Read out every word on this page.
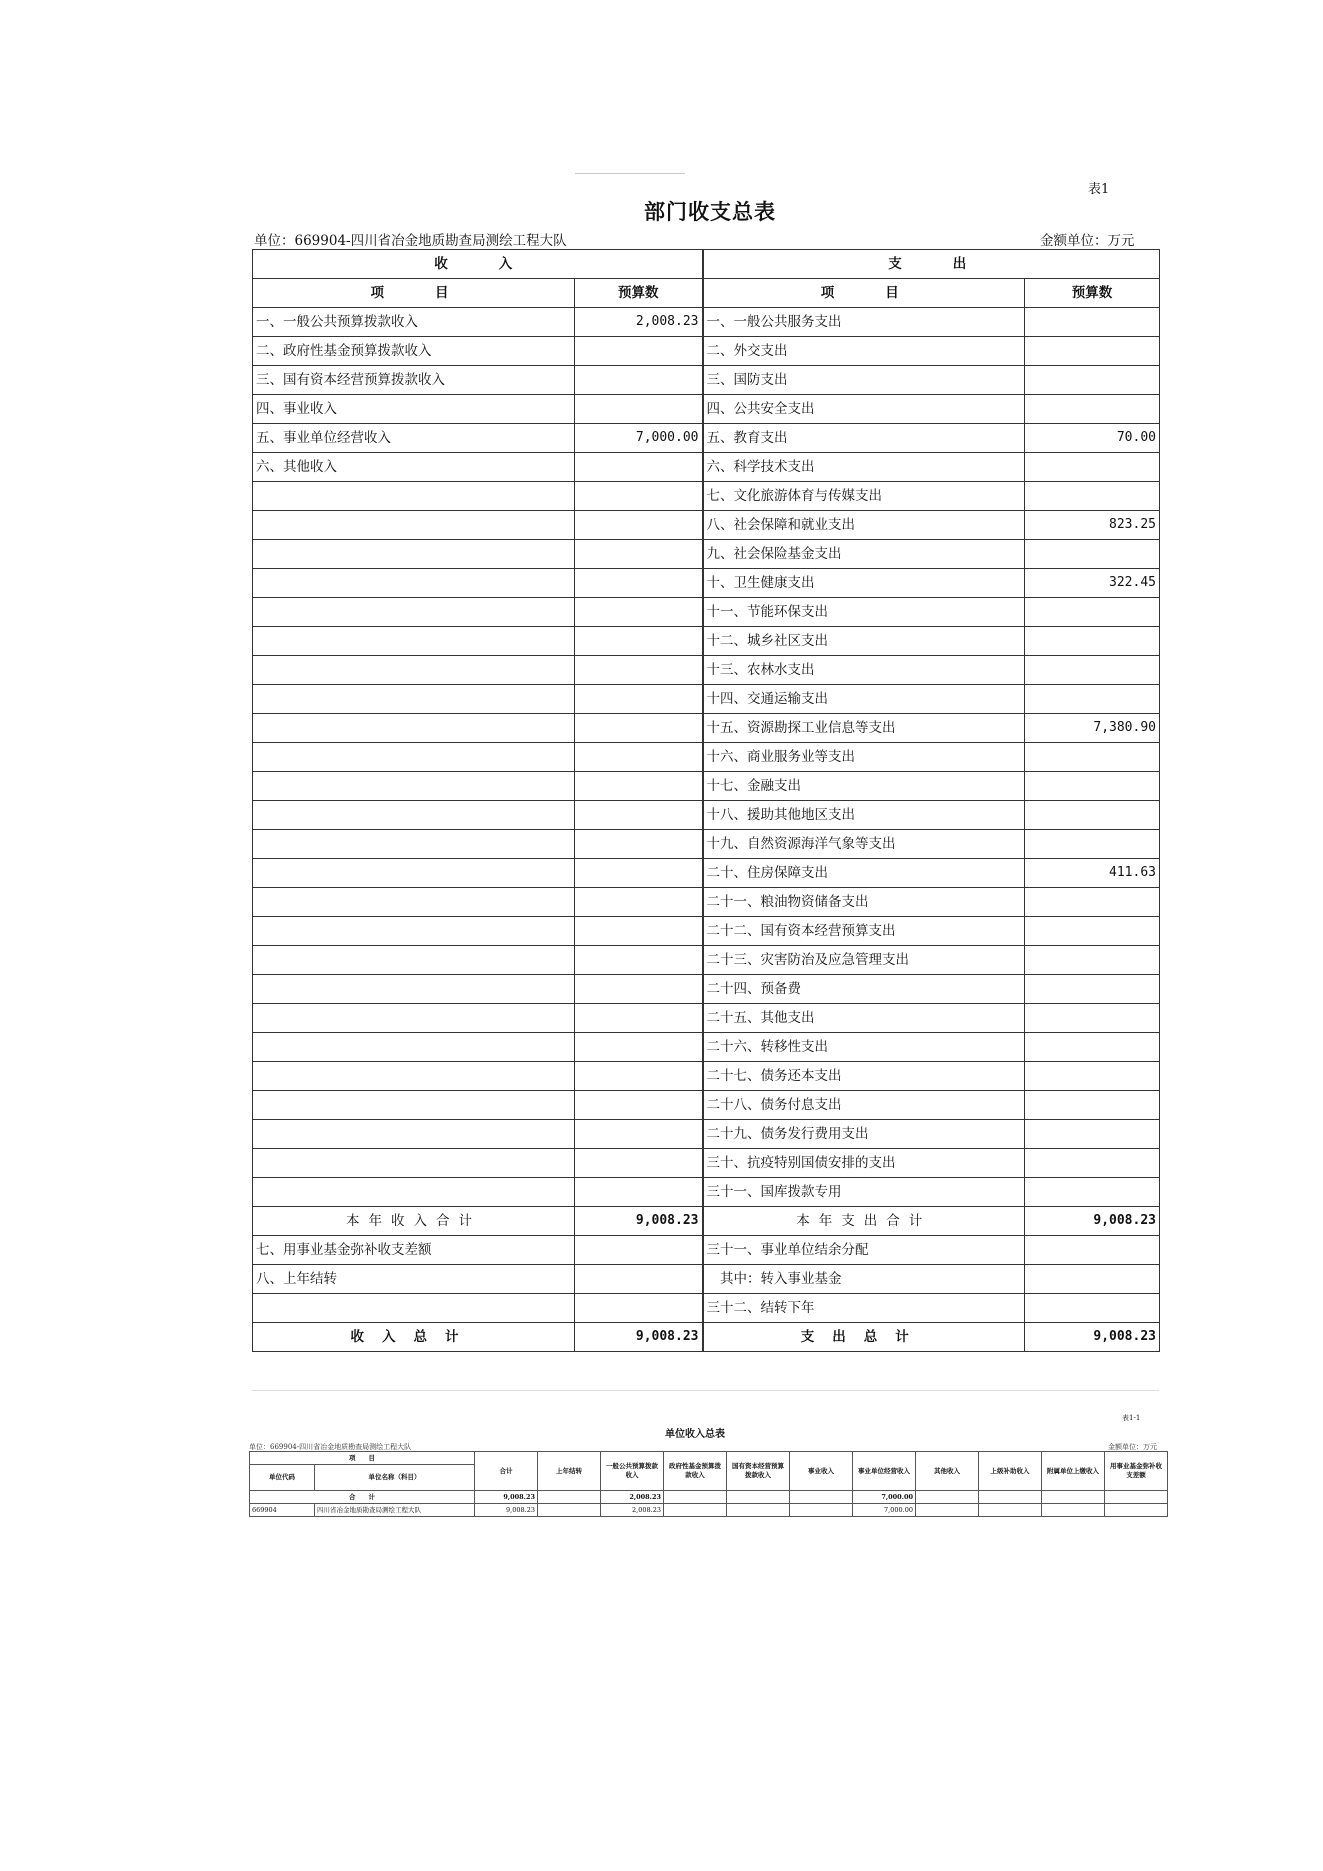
表1
部门收支总表
单位：669904-四川省冶金地质勘查局测绘工程大队	金额单位：万元
收　　入		支　　出	
项　　目	预算数	项　　目	预算数
一、一般公共预算拨款收入	2,008.23	一、一般公共服务支出	
二、政府性基金预算拨款收入		二、外交支出	
三、国有资本经营预算拨款收入		三、国防支出	
四、事业收入		四、公共安全支出	
五、事业单位经营收入	7,000.00	五、教育支出	70.00
六、其他收入		六、科学技术支出	
		七、文化旅游体育与传媒支出	
		八、社会保障和就业支出	823.25
		九、社会保险基金支出	
		十、卫生健康支出	322.45
		十一、节能环保支出	
		十二、城乡社区支出	
		十三、农林水支出	
		十四、交通运输支出	
		十五、资源勘探工业信息等支出	7,380.90
		十六、商业服务业等支出	
		十七、金融支出	
		十八、援助其他地区支出	
		十九、自然资源海洋气象等支出	
		二十、住房保障支出	411.63
		二十一、粮油物资储备支出	
		二十二、国有资本经营预算支出	
		二十三、灾害防治及应急管理支出	
		二十四、预备费	
		二十五、其他支出	
		二十六、转移性支出	
		二十七、债务还本支出	
		二十八、债务付息支出	
		二十九、债务发行费用支出	
		三十、抗疫特别国债安排的支出	
		三十一、国库拨款专用	
本年收入合计	9,008.23	本年支出合计	9,008.23
七、用事业基金弥补收支差额		三十一、事业单位结余分配	
八、上年结转		　其中：转入事业基金	
		三十二、结转下年	
收入总计	9,008.23	支出总计	9,008.23
表1-1
单位收入总表
单位：669904-四川省冶金地质勘查局测绘工程大队	金额单位：万元
项　　目		合计	上年结转	一般公共预算拨款收入	政府性基金预算拨款收入	国有资本经营预算拨款收入	事业收入	事业单位经营收入	其他收入	上级补助收入	附属单位上缴收入	用事业基金弥补收支差额
单位代码	单位名称（科目）											
合　　计		9,008.23		2,008.23				7,000.00				
669904	四川省冶金地质勘查局测绘工程大队	9,008.23		2,008.23				7,000.00				
